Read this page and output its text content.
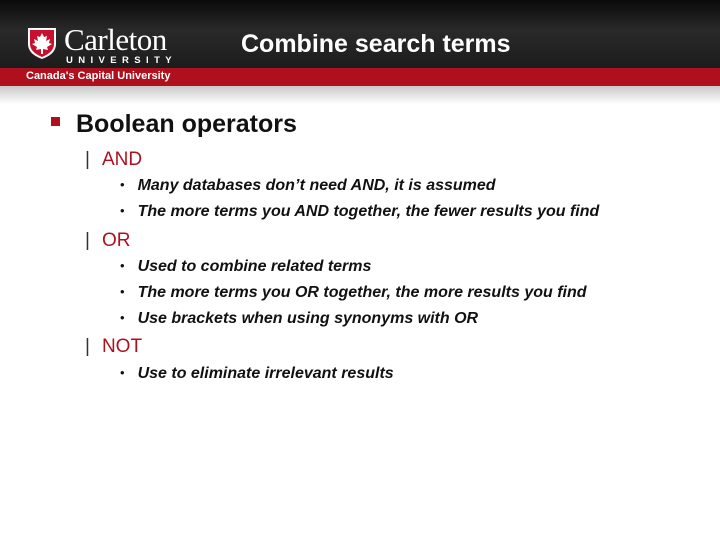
Carleton
UNIVERSITY
Combine search terms
Canada's Capital University
Boolean operators
| AND
• Many databases don’t need AND, it is assumed
• The more terms you AND together, the fewer results you find
| OR
• Used to combine related terms
• The more terms you OR together, the more results you find
• Use brackets when using synonyms with OR
| NOT
• Use to eliminate irrelevant results
